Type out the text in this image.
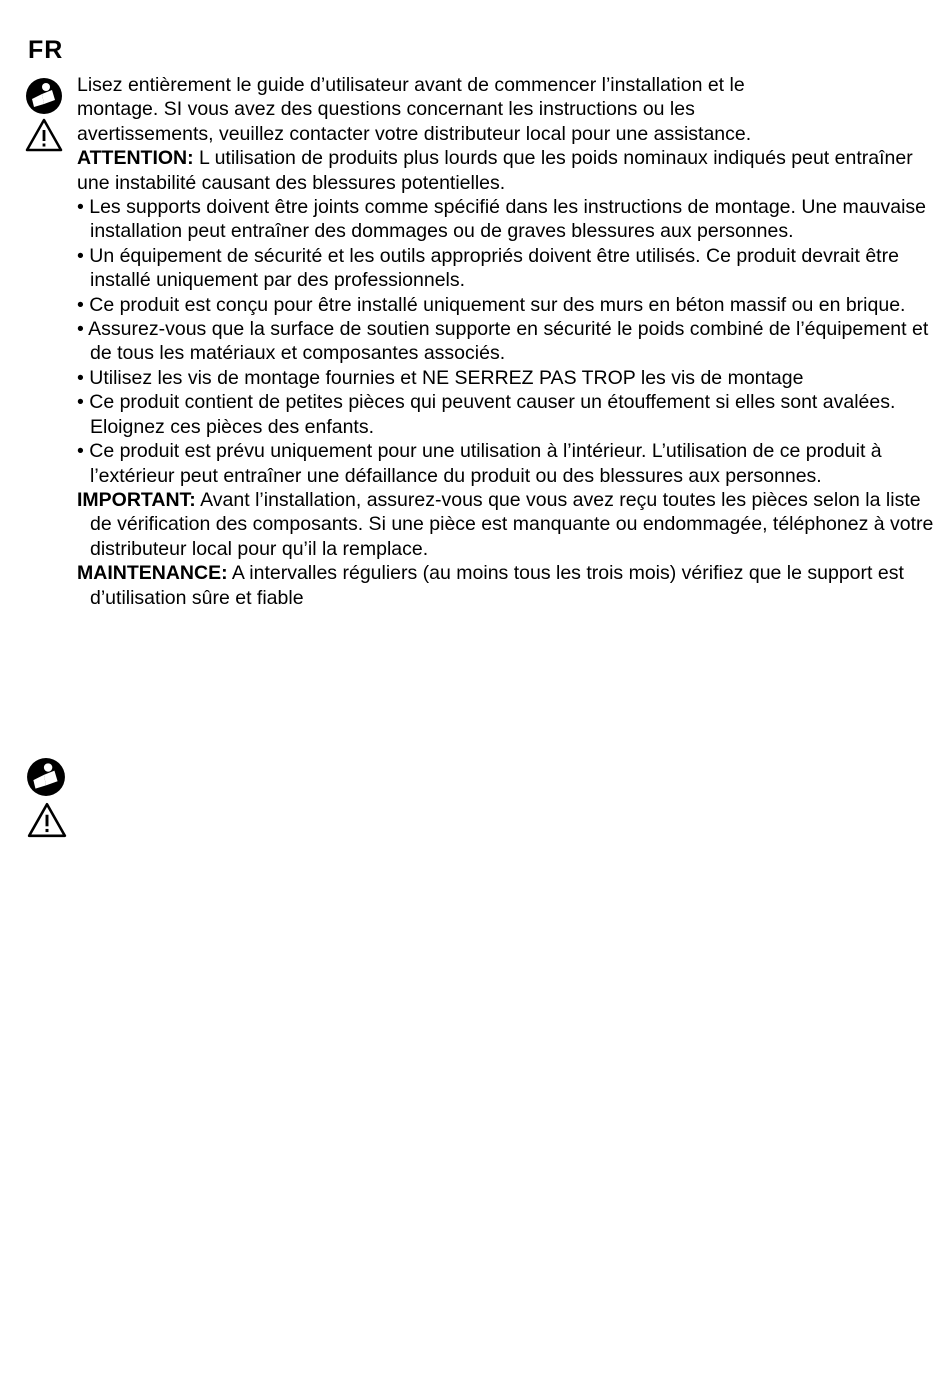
FR

Lisez entièrement le guide d’utilisateur avant de commencer l’installation et le
montage. SI vous avez des questions concernant les instructions ou les
avertissements, veuillez contacter votre distributeur local pour une assistance.

ATTENTION: L utilisation de produits plus lourds que les poids nominaux indiqués peut entraîner une instabilité causant des blessures potentielles.

• Les supports doivent être joints comme spécifié dans les instructions de montage. Une mauvaise installation peut entraîner des dommages ou de graves blessures aux personnes.

• Un équipement de sécurité et les outils appropriés doivent être utilisés. Ce produit devrait être installé uniquement par des professionnels.

• Ce produit est conçu pour être installé uniquement sur des murs en béton massif ou en brique.

• Assurez-vous que la surface de soutien supporte en sécurité le poids combiné de l’équipement et de tous les matériaux et composantes associés.

• Utilisez les vis de montage fournies et NE SERREZ PAS TROP les vis de montage

• Ce produit contient de petites pièces qui peuvent causer un étouffement si elles sont avalées. Eloignez ces pièces des enfants.

• Ce produit est prévu uniquement pour une utilisation à l’intérieur. L’utilisation de ce produit à l’extérieur peut entraîner une défaillance du produit ou des blessures aux personnes.

IMPORTANT: Avant l’installation, assurez-vous que vous avez reçu toutes les pièces selon la liste de vérification des composants. Si une pièce est manquante ou endommagée, téléphonez à votre distributeur local pour qu’il la remplace.

MAINTENANCE: A intervalles réguliers (au moins tous les trois mois) vérifiez que le support est d’utilisation sûre et fiable
